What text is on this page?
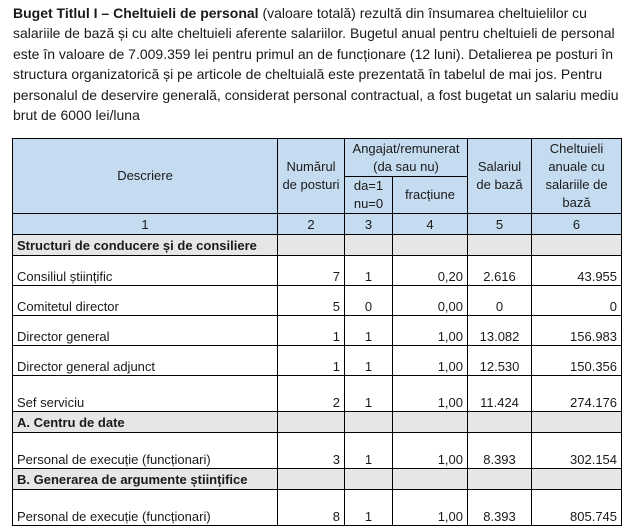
Buget Titlul I – Cheltuieli de personal (valoare totală) rezultă din însumarea cheltuielilor cu salariile de bază și cu alte cheltuieli aferente salariilor. Bugetul anual pentru cheltuieli de personal este în valoare de 7.009.359 lei pentru primul an de funcționare (12 luni). Detalierea pe posturi în structura organizatorică și pe articole de cheltuială este prezentată în tabelul de mai jos. Pentru personalul de deservire generală, considerat personal contractual, a fost bugetat un salariu mediu brut de 6000 lei/luna
Descriere	Numărul de posturi	Angajat/remunerat (da sau nu)		Salariul de bază	Cheltuieli anuale cu salariile de bază
		da=1 nu=0	fracțiune		
1	2	3	4	5	6
Structuri de conducere și de consiliere					
Consiliul științific	7	1	0,20	2.616	43.955
Comitetul director	5	0	0,00	0	0
Director general	1	1	1,00	13.082	156.983
Director general adjunct	1	1	1,00	12.530	150.356
Sef serviciu	2	1	1,00	11.424	274.176
A. Centru de date					
Personal de execuție (funcționari)	3	1	1,00	8.393	302.154
B. Generarea de argumente științifice					
Personal de execuție (funcționari)	8	1	1,00	8.393	805.745
